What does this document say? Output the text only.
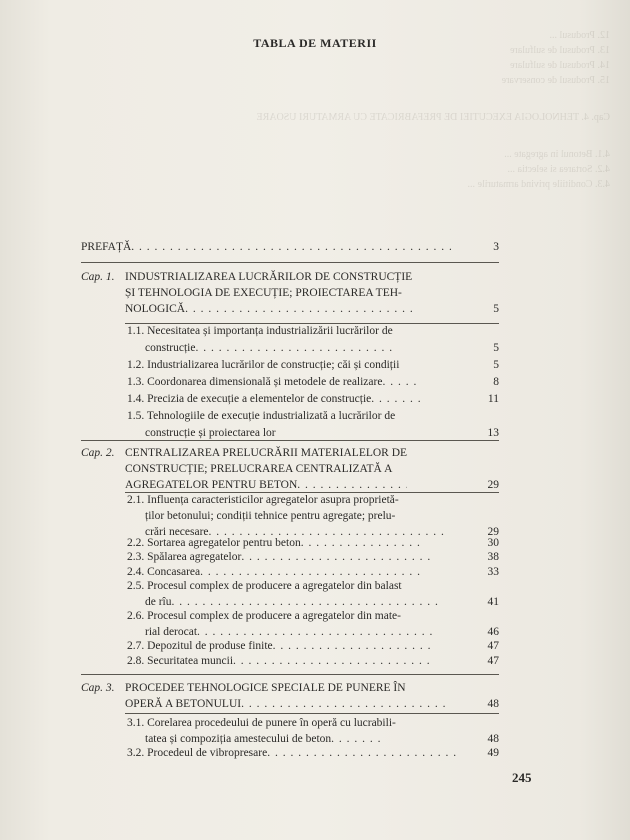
12. Produsul ...
13. Produsul de sulfulare
14. Produsul de sulfulare
15. Produsul de conservare
Cap. 4. TEHNOLOGIA EXECUTIEI DE PREFABRICATE CU ARMATURI USOARE
4.1. Betonul in agregate ...
4.2. Sortarea si selectia ...
4.3. Conditiile privind armaturile ...
TABLA DE MATERII
PREFAȚĂ . . .	3
Cap. 1. INDUSTRIALIZAREA LUCRĂRILOR DE CONSTRUCȚIE
ȘI TEHNOLOGIA DE EXECUȚIE; PROIECTAREA TEH-
NOLOGICĂ . . .	5
1.1. Necesitatea și importanța industrializării lucrărilor de
construcție . . .	5
1.2. Industrializarea lucrărilor de construcție; căi și condiții	5
1.3. Coordonarea dimensională și metodele de realizare . . .	8
1.4. Precizia de execuție a elementelor de construcție . . .	11
1.5. Tehnologiile de execuție industrializată a lucrărilor de
construcție și proiectarea lor	13
Cap. 2. CENTRALIZAREA PRELUCRĂRII MATERIALELOR DE
CONSTRUCȚIE; PRELUCRAREA CENTRALIZATĂ A
AGREGATELOR PENTRU BETON . . .	29
2.1. Influența caracteristicilor agregatelor asupra proprietă-
ților betonului; condiții tehnice pentru agregate; prelu-
crări necesare . . .	29
2.2. Sortarea agregatelor pentru beton . . .	30
2.3. Spălarea agregatelor . . .	38
2.4. Concasarea . . .	33
2.5. Procesul complex de producere a agregatelor din balast
de rîu . . .	41
2.6. Procesul complex de producere a agregatelor din mate-
rial derocat . . .	46
2.7. Depozitul de produse finite . . .	47
2.8. Securitatea muncii . . .	47
Cap. 3. PROCEDEE TEHNOLOGICE SPECIALE DE PUNERE ÎN
OPERĂ A BETONULUI . . .	48
3.1. Corelarea procedeului de punere în operă cu lucrabili-
tatea și compoziția amestecului de beton . . .	48
3.2. Procedeul de vibropresare . . .	49
245
